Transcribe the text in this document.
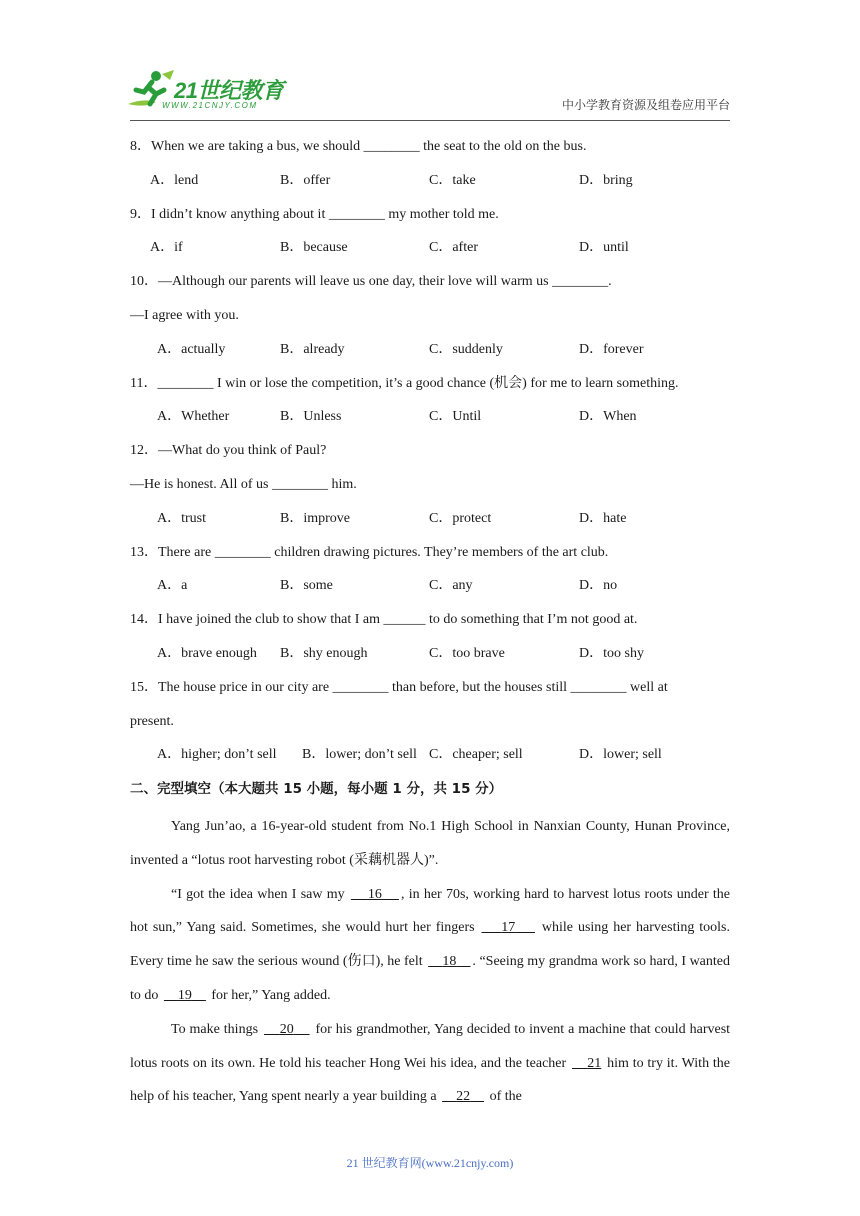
21世纪教育
WWW.21CNJY.COM	中小学教育资源及组卷应用平台
8．When we are taking a bus, we should ________ the seat to the old on the bus.
A．lend	B．offer	C．take	D．bring
9．I didn’t know anything about it ________ my mother told me.
A．if	B．because	C．after	D．until
10．—Although our parents will leave us one day, their love will warm us ________.
—I agree with you.
A．actually	B．already	C．suddenly	D．forever
11．________ I win or lose the competition, it’s a good chance (机会) for me to learn something.
A．Whether	B．Unless	C．Until	D．When
12．—What do you think of Paul?
—He is honest. All of us ________ him.
A．trust	B．improve	C．protect	D．hate
13．There are ________ children drawing pictures. They’re members of the art club.
A．a	B．some	C．any	D．no
14．I have joined the club to show that I am ______ to do something that I’m not good at.
A．brave enough B．shy enough	C．too brave	D．too shy
15．The house price in our city are ________ than before, but the houses still ________ well at
present.
A．higher; don’t sell B．lower; don’t sell C．cheaper; sell	D．lower; sell
二、完型填空（本大题共 15 小题，每小题 1 分，共 15 分）
Yang Jun’ao, a 16-year-old student from No.1 High School in Nanxian County, Hunan Province, invented a “lotus root harvesting robot (采藕机器人)”.
“I got the idea when I saw my     16 , in her 70s, working hard to harvest lotus roots under the hot sun,” Yang said. Sometimes, she would hurt her fingers     17     while using her harvesting tools. Every time he saw the serious wound (伤口), he felt     18 . “Seeing my grandma work so hard, I wanted to do     19     for her,” Yang added.
To make things     20     for his grandmother, Yang decided to invent a machine that could harvest lotus roots on its own. He told his teacher Hong Wei his idea, and the teacher     21 him to try it. With the help of his teacher, Yang spent nearly a year building a     22     of the
21 世纪教育网(www.21cnjy.com)
